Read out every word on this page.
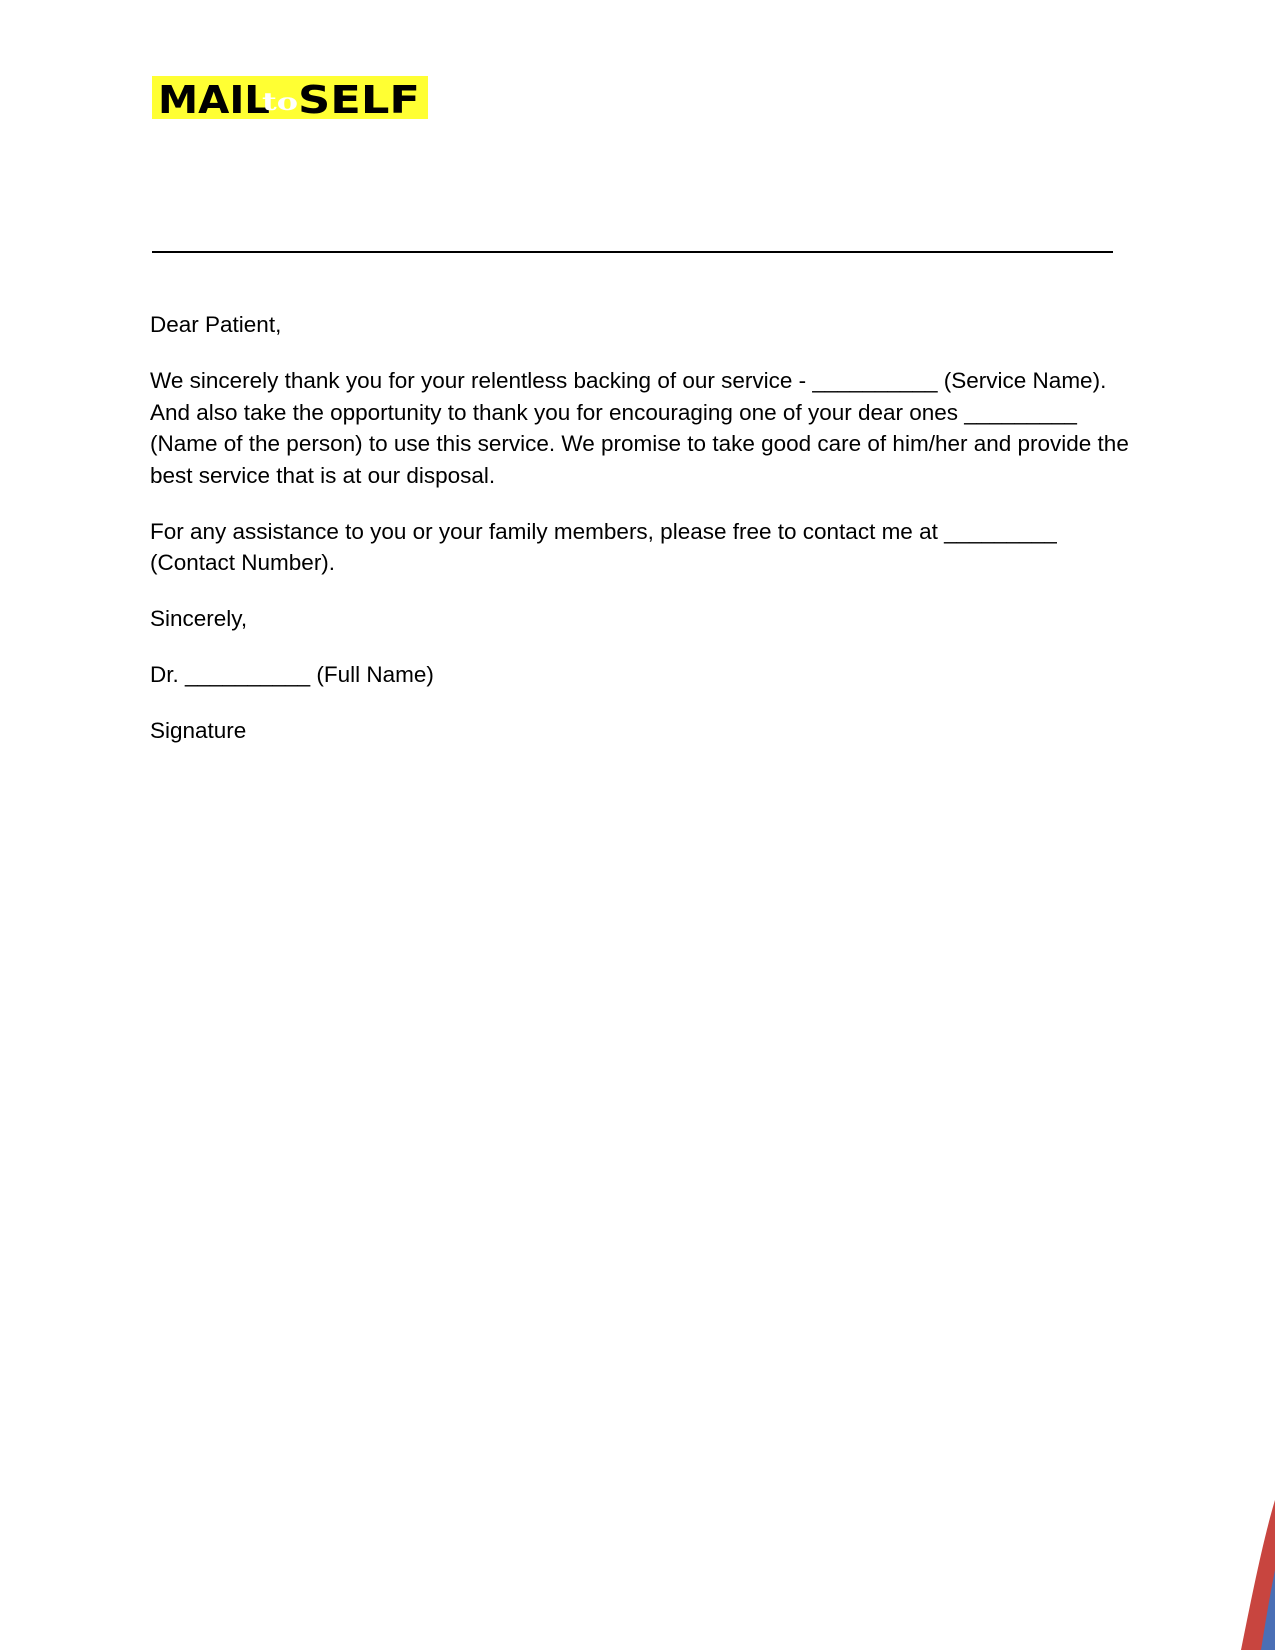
MAIL
to SELF

Dear Patient,

We sincerely thank you for your relentless backing of our service - __________ (Service Name). And also take the opportunity to thank you for encouraging one of your dear ones _________ (Name of the person) to use this service. We promise to take good care of him/her and provide the best service that is at our disposal.

For any assistance to you or your family members, please free to contact me at _________ (Contact Number).

Sincerely,

Dr. __________ (Full Name)

Signature
